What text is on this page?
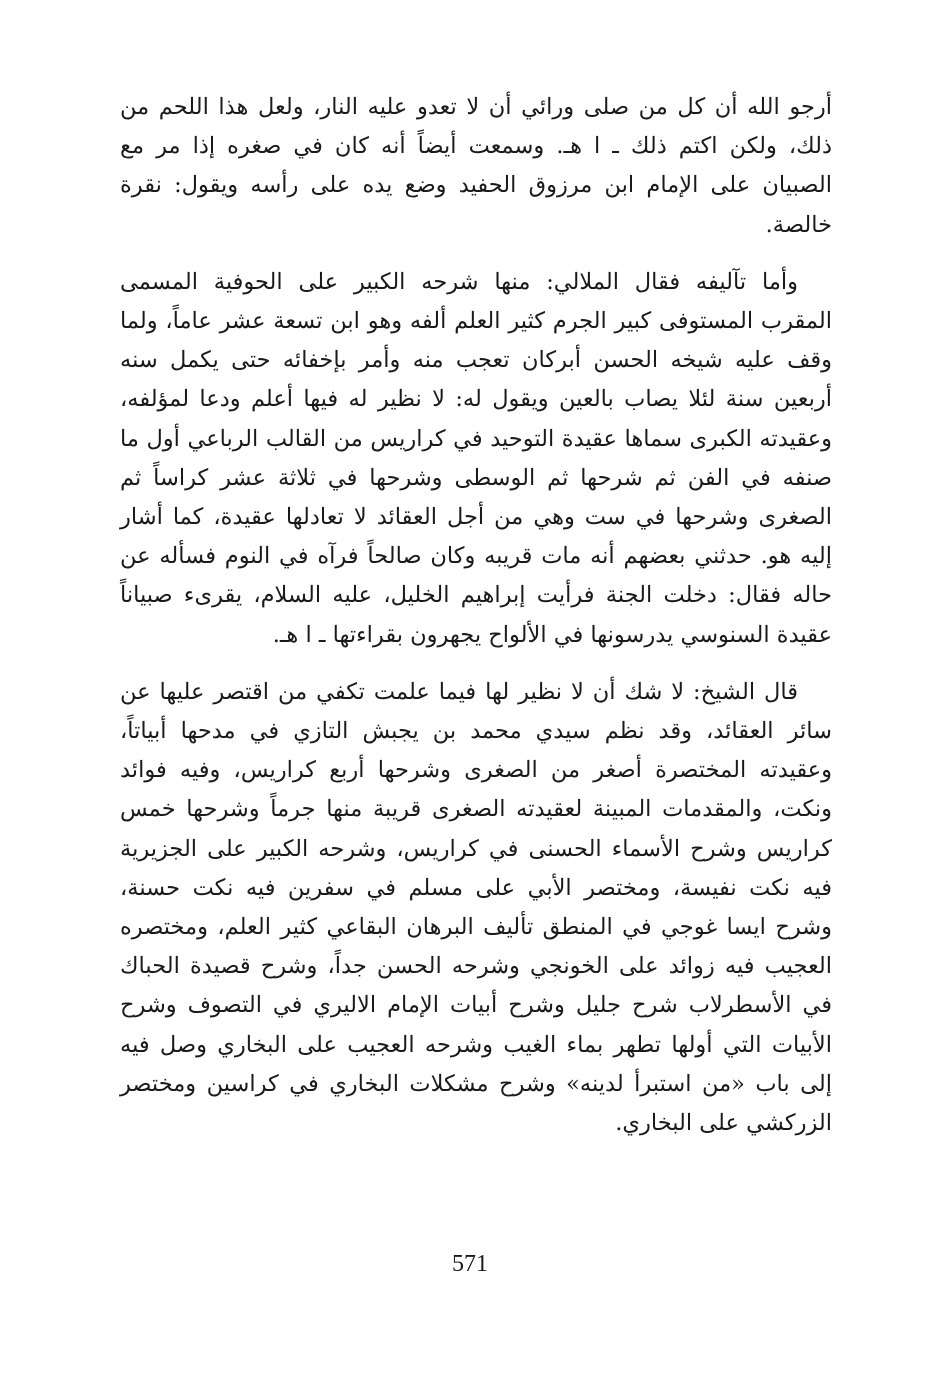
أرجو الله أن كل من صلى ورائي أن لا تعدو عليه النار، ولعل هذا اللحم من ذلك، ولكن اكتم ذلك ـ ا هـ. وسمعت أيضاً أنه كان في صغره إذا مر مع الصبيان على الإمام ابن مرزوق الحفيد وضع يده على رأسه ويقول: نقرة خالصة.

وأما تآليفه فقال الملالي: منها شرحه الكبير على الحوفية المسمى المقرب المستوفى كبير الجرم كثير العلم ألفه وهو ابن تسعة عشر عاماً، ولما وقف عليه شيخه الحسن أبركان تعجب منه وأمر بإخفائه حتى يكمل سنه أربعين سنة لئلا يصاب بالعين ويقول له: لا نظير له فيها أعلم ودعا لمؤلفه، وعقيدته الكبرى سماها عقيدة التوحيد في كراريس من القالب الرباعي أول ما صنفه في الفن ثم شرحها ثم الوسطى وشرحها في ثلاثة عشر كراساً ثم الصغرى وشرحها في ست وهي من أجل العقائد لا تعادلها عقيدة، كما أشار إليه هو. حدثني بعضهم أنه مات قريبه وكان صالحاً فرآه في النوم فسأله عن حاله فقال: دخلت الجنة فرأيت إبراهيم الخليل، عليه السلام، يقرىء صبياناً عقيدة السنوسي يدرسونها في الألواح يجهرون بقراءتها ـ ا هـ.

قال الشيخ: لا شك أن لا نظير لها فيما علمت تكفي من اقتصر عليها عن سائر العقائد، وقد نظم سيدي محمد بن يجبش التازي في مدحها أبياتاً، وعقيدته المختصرة أصغر من الصغرى وشرحها أربع كراريس، وفيه فوائد ونكت، والمقدمات المبينة لعقيدته الصغرى قريبة منها جرماً وشرحها خمس كراريس وشرح الأسماء الحسنى في كراريس، وشرحه الكبير على الجزيرية فيه نكت نفيسة، ومختصر الأبي على مسلم في سفرين فيه نكت حسنة، وشرح ايسا غوجي في المنطق تأليف البرهان البقاعي كثير العلم، ومختصره العجيب فيه زوائد على الخونجي وشرحه الحسن جداً، وشرح قصيدة الحباك في الأسطرلاب شرح جليل وشرح أبيات الإمام الاليري في التصوف وشرح الأبيات التي أولها تطهر بماء الغيب وشرحه العجيب على البخاري وصل فيه إلى باب «من استبرأ لدينه» وشرح مشكلات البخاري في كراسين ومختصر الزركشي على البخاري.

571
